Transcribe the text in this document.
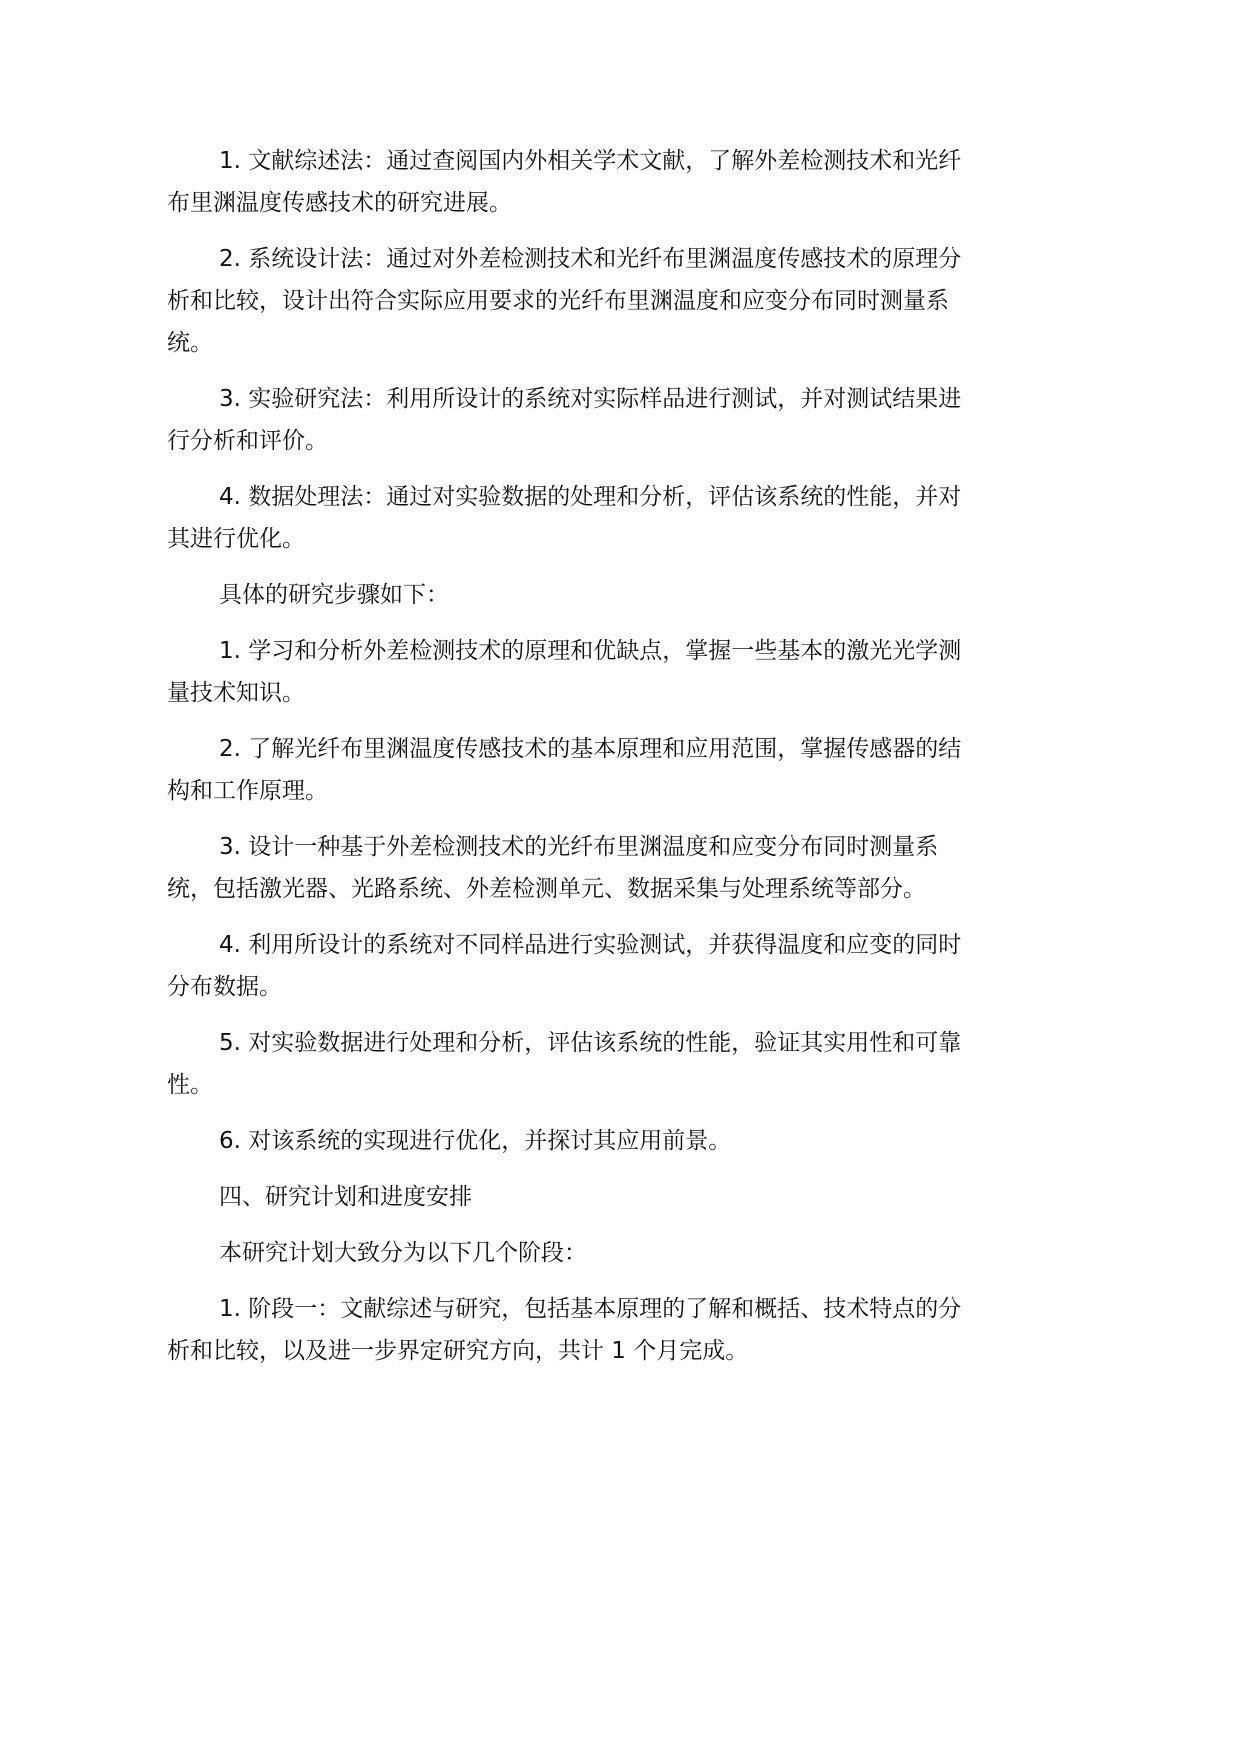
1. 文献综述法：通过查阅国内外相关学术文献，了解外差检测技术和光纤布里渊温度传感技术的研究进展。

2. 系统设计法：通过对外差检测技术和光纤布里渊温度传感技术的原理分析和比较，设计出符合实际应用要求的光纤布里渊温度和应变分布同时测量系统。

3. 实验研究法：利用所设计的系统对实际样品进行测试，并对测试结果进行分析和评价。

4. 数据处理法：通过对实验数据的处理和分析，评估该系统的性能，并对其进行优化。

具体的研究步骤如下：

1. 学习和分析外差检测技术的原理和优缺点，掌握一些基本的激光光学测量技术知识。

2. 了解光纤布里渊温度传感技术的基本原理和应用范围，掌握传感器的结构和工作原理。

3. 设计一种基于外差检测技术的光纤布里渊温度和应变分布同时测量系统，包括激光器、光路系统、外差检测单元、数据采集与处理系统等部分。

4. 利用所设计的系统对不同样品进行实验测试，并获得温度和应变的同时分布数据。

5. 对实验数据进行处理和分析，评估该系统的性能，验证其实用性和可靠性。

6. 对该系统的实现进行优化，并探讨其应用前景。

四、研究计划和进度安排

本研究计划大致分为以下几个阶段：

1. 阶段一：文献综述与研究，包括基本原理的了解和概括、技术特点的分析和比较，以及进一步界定研究方向，共计 1 个月完成。
